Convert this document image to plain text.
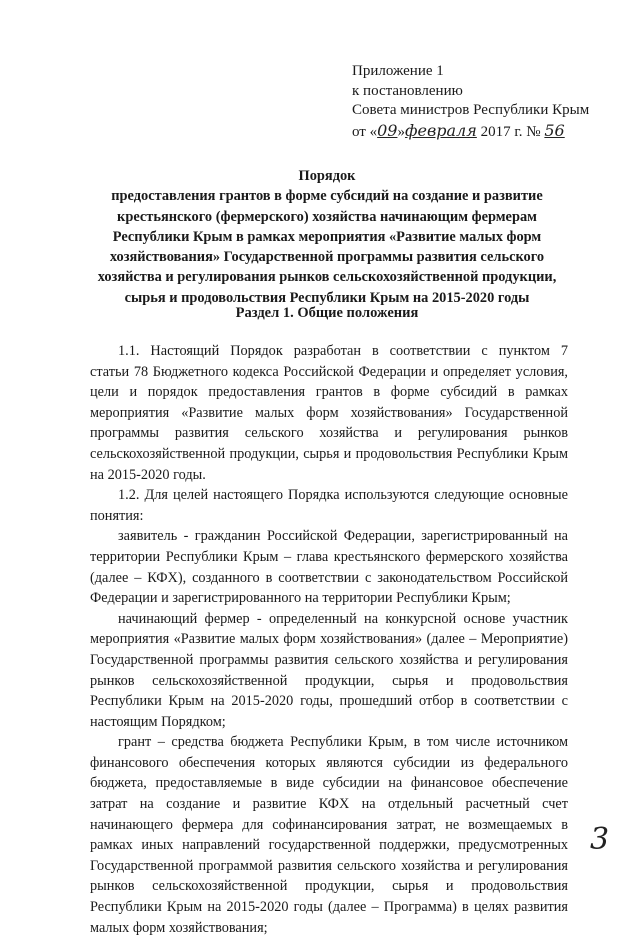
Приложение 1
к постановлению
Совета министров Республики Крым
от «09»февраля 2017 г. № 56
Порядок
предоставления грантов в форме субсидий на создание и развитие
крестьянского (фермерского) хозяйства начинающим фермерам
Республики Крым в рамках мероприятия «Развитие малых форм
хозяйствования» Государственной программы развития сельского
хозяйства и регулирования рынков сельскохозяйственной продукции,
сырья и продовольствия Республики Крым на 2015-2020 годы
Раздел 1. Общие положения
1.1. Настоящий Порядок разработан в соответствии с пунктом 7
статьи 78 Бюджетного кодекса Российской Федерации и определяет условия,
цели и порядок предоставления грантов в форме субсидий в рамках
мероприятия «Развитие малых форм хозяйствования» Государственной
программы развития сельского хозяйства и регулирования рынков
сельскохозяйственной продукции, сырья и продовольствия Республики Крым
на 2015-2020 годы.
1.2. Для целей настоящего Порядка используются следующие основные
понятия:
заявитель - гражданин Российской Федерации, зарегистрированный на
территории Республики Крым – глава крестьянского фермерского хозяйства
(далее – КФХ), созданного в соответствии с законодательством Российской
Федерации и зарегистрированного на территории Республики Крым;
начинающий фермер - определенный на конкурсной основе участник
мероприятия «Развитие малых форм хозяйствования» (далее – Мероприятие)
Государственной программы развития сельского хозяйства и регулирования
рынков сельскохозяйственной продукции, сырья и продовольствия
Республики Крым на 2015-2020 годы, прошедший отбор в соответствии с
настоящим Порядком;
грант – средства бюджета Республики Крым, в том числе источником
финансового обеспечения которых являются субсидии из федерального
бюджета, предоставляемые в виде субсидии на финансовое обеспечение
затрат на создание и развитие КФХ на отдельный расчетный счет
начинающего фермера для софинансирования затрат, не возмещаемых в
рамках иных направлений государственной поддержки, предусмотренных
Государственной программой развития сельского хозяйства и регулирования
рынков сельскохозяйственной продукции, сырья и продовольствия
Республики Крым на 2015-2020 годы (далее – Программа) в целях развития
малых форм хозяйствования;
3
